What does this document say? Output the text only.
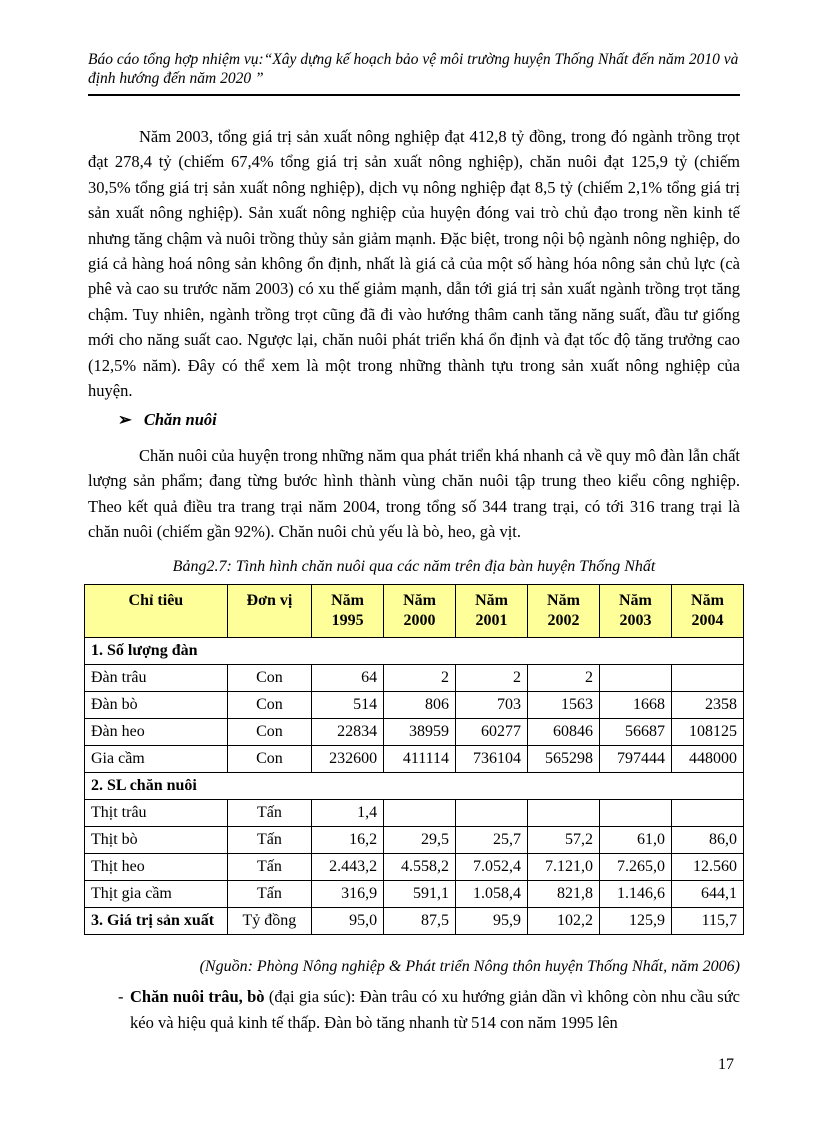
Báo cáo tổng hợp nhiệm vụ:“Xây dựng kế hoạch bảo vệ môi trường huyện Thống Nhất đến năm 2010 và định hướng đến năm 2020 ”
Năm 2003, tổng giá trị sản xuất nông nghiệp đạt 412,8 tỷ đồng, trong đó ngành trồng trọt đạt 278,4 tỷ (chiếm 67,4% tổng giá trị sản xuất nông nghiệp), chăn nuôi đạt 125,9 tỷ (chiếm 30,5% tổng giá trị sản xuất nông nghiệp), dịch vụ nông nghiệp đạt 8,5 tỷ (chiếm 2,1% tổng giá trị sản xuất nông nghiệp). Sản xuất nông nghiệp của huyện đóng vai trò chủ đạo trong nền kinh tế nhưng tăng chậm và nuôi trồng thủy sản giảm mạnh. Đặc biệt, trong nội bộ ngành nông nghiệp, do giá cả hàng hoá nông sản không ổn định, nhất là giá cả của một số hàng hóa nông sản chủ lực (cà phê và cao su trước năm 2003) có xu thế giảm mạnh, dẫn tới giá trị sản xuất ngành trồng trọt tăng chậm. Tuy nhiên, ngành trồng trọt cũng đã đi vào hướng thâm canh tăng năng suất, đầu tư giống mới cho năng suất cao. Ngược lại, chăn nuôi phát triển khá ổn định và đạt tốc độ tăng trưởng cao (12,5% năm). Đây có thể xem là một trong những thành tựu trong sản xuất nông nghiệp của huyện.
➢ Chăn nuôi
Chăn nuôi của huyện trong những năm qua phát triển khá nhanh cả về quy mô đàn lẫn chất lượng sản phẩm; đang từng bước hình thành vùng chăn nuôi tập trung theo kiểu công nghiệp. Theo kết quả điều tra trang trại năm 2004, trong tổng số 344 trang trại, có tới 316 trang trại là chăn nuôi (chiếm gần 92%). Chăn nuôi chủ yếu là bò, heo, gà vịt.
Bảng2.7: Tình hình chăn nuôi qua các năm trên địa bàn huyện Thống Nhất
Chỉ tiêu	Đơn vị	Năm 1995	Năm 2000	Năm 2001	Năm 2002	Năm 2003	Năm 2004
1. Số lượng đàn							
Đàn trâu	Con	64	2	2	2		
Đàn bò	Con	514	806	703	1563	1668	2358
Đàn heo	Con	22834	38959	60277	60846	56687	108125
Gia cầm	Con	232600	411114	736104	565298	797444	448000
2. SL chăn nuôi							
Thịt trâu	Tấn	1,4					
Thịt bò	Tấn	16,2	29,5	25,7	57,2	61,0	86,0
Thịt heo	Tấn	2.443,2	4.558,2	7.052,4	7.121,0	7.265,0	12.560
Thịt gia cầm	Tấn	316,9	591,1	1.058,4	821,8	1.146,6	644,1
3. Giá trị sản xuất	Tỷ đồng	95,0	87,5	95,9	102,2	125,9	115,7
(Nguồn: Phòng Nông nghiệp & Phát triển Nông thôn huyện Thống Nhất, năm 2006)
- Chăn nuôi trâu, bò (đại gia súc): Đàn trâu có xu hướng giản dần vì không còn nhu cầu sức kéo và hiệu quả kinh tế thấp. Đàn bò tăng nhanh từ 514 con năm 1995 lên
17
